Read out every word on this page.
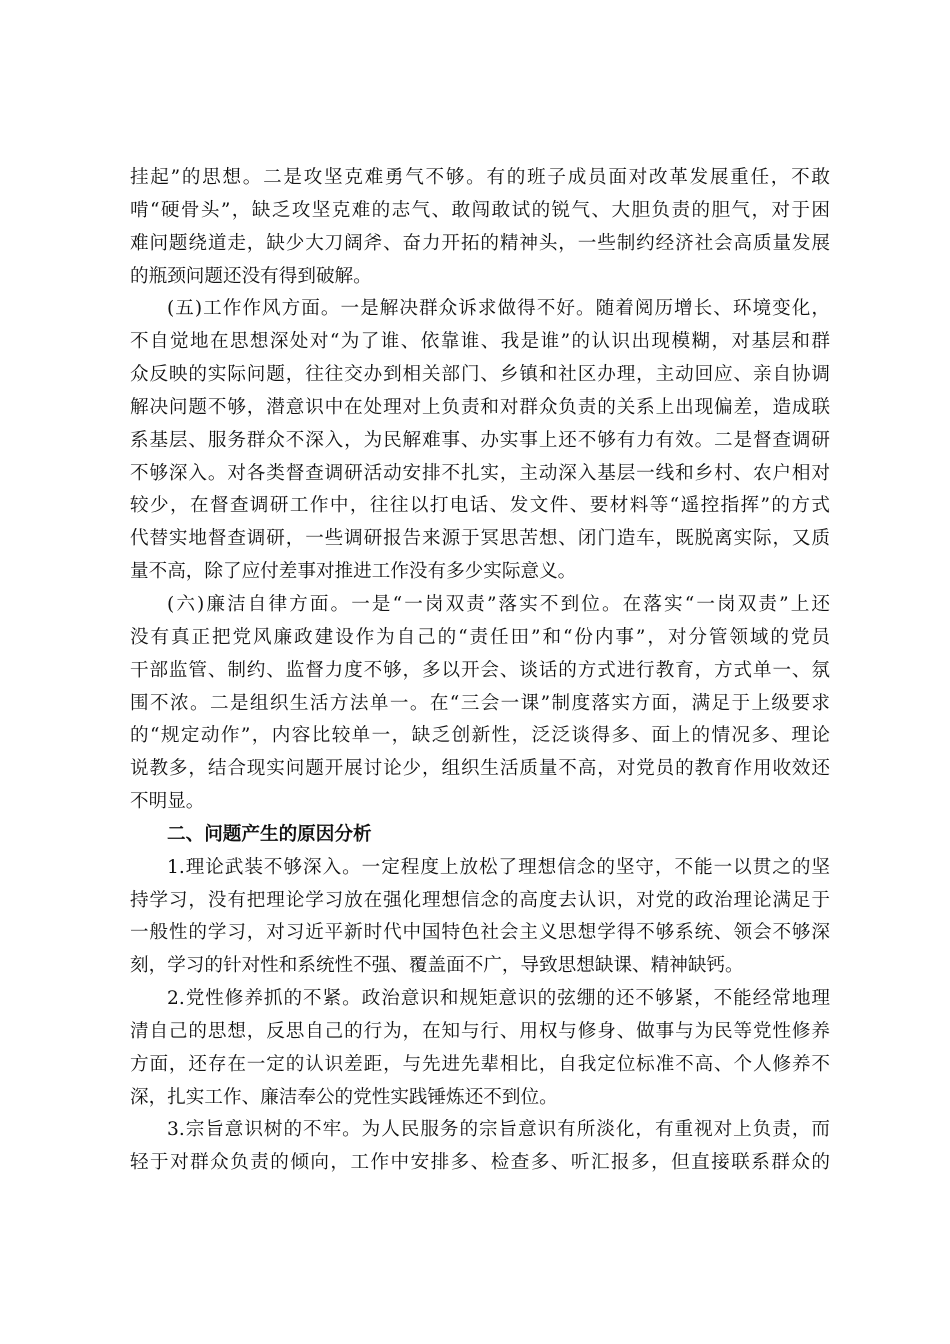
挂起”的思想。二是攻坚克难勇气不够。有的班子成员面对改革发展重任，不敢
啃“硬骨头”，缺乏攻坚克难的志气、敢闯敢试的锐气、大胆负责的胆气，对于困
难问题绕道走，缺少大刀阔斧、奋力开拓的精神头，一些制约经济社会高质量发展
的瓶颈问题还没有得到破解。
(五)工作作风方面。一是解决群众诉求做得不好。随着阅历增长、环境变化，
不自觉地在思想深处对“为了谁、依靠谁、我是谁”的认识出现模糊，对基层和群
众反映的实际问题，往往交办到相关部门、乡镇和社区办理，主动回应、亲自协调
解决问题不够，潜意识中在处理对上负责和对群众负责的关系上出现偏差，造成联
系基层、服务群众不深入，为民解难事、办实事上还不够有力有效。二是督查调研
不够深入。对各类督查调研活动安排不扎实，主动深入基层一线和乡村、农户相对
较少，在督查调研工作中，往往以打电话、发文件、要材料等“遥控指挥”的方式
代替实地督查调研，一些调研报告来源于冥思苦想、闭门造车，既脱离实际，又质
量不高，除了应付差事对推进工作没有多少实际意义。
(六)廉洁自律方面。一是“一岗双责”落实不到位。在落实“一岗双责”上还
没有真正把党风廉政建设作为自己的“责任田”和“份内事”，对分管领域的党员
干部监管、制约、监督力度不够，多以开会、谈话的方式进行教育，方式单一、氛
围不浓。二是组织生活方法单一。在“三会一课”制度落实方面，满足于上级要求
的“规定动作”，内容比较单一，缺乏创新性，泛泛谈得多、面上的情况多、理论
说教多，结合现实问题开展讨论少，组织生活质量不高，对党员的教育作用收效还
不明显。
二、问题产生的原因分析
1.理论武装不够深入。一定程度上放松了理想信念的坚守，不能一以贯之的坚
持学习，没有把理论学习放在强化理想信念的高度去认识，对党的政治理论满足于
一般性的学习，对习近平新时代中国特色社会主义思想学得不够系统、领会不够深
刻，学习的针对性和系统性不强、覆盖面不广，导致思想缺课、精神缺钙。
2.党性修养抓的不紧。政治意识和规矩意识的弦绷的还不够紧，不能经常地理
清自己的思想，反思自己的行为，在知与行、用权与修身、做事与为民等党性修养
方面，还存在一定的认识差距，与先进先辈相比，自我定位标准不高、个人修养不
深，扎实工作、廉洁奉公的党性实践锤炼还不到位。
3.宗旨意识树的不牢。为人民服务的宗旨意识有所淡化，有重视对上负责，而
轻于对群众负责的倾向，工作中安排多、检查多、听汇报多，但直接联系群众的
